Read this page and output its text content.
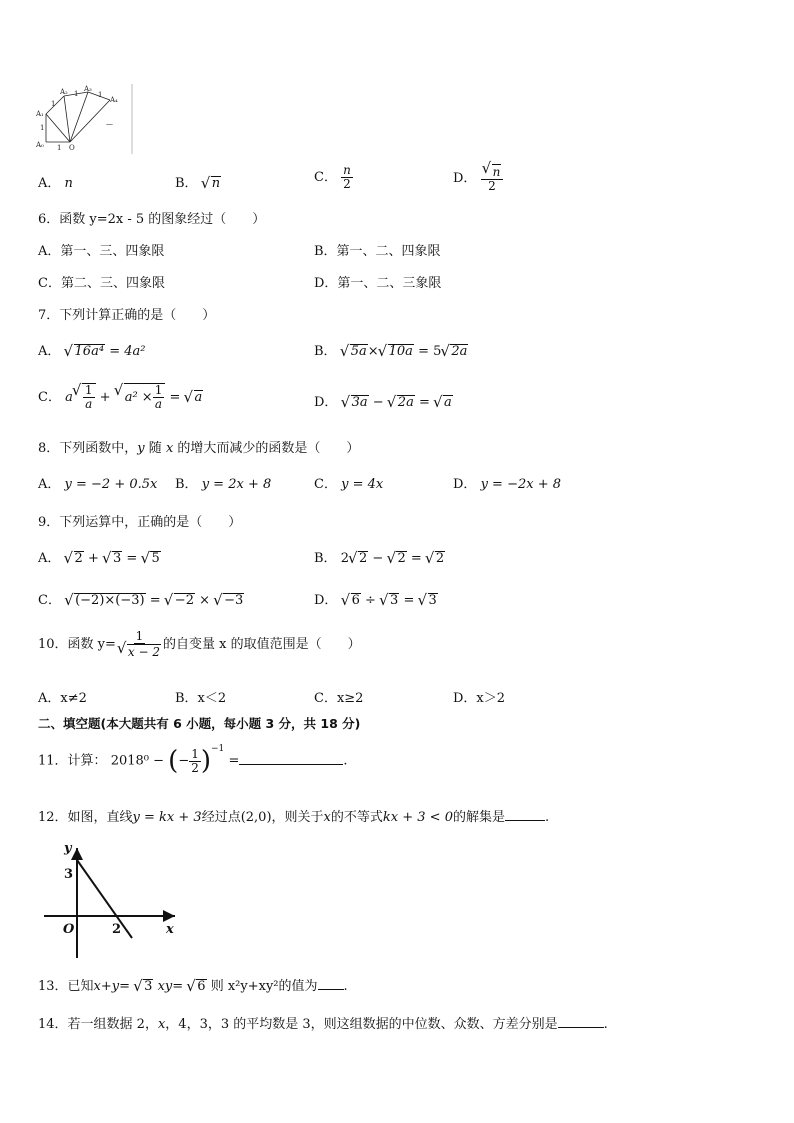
A₀
A₁
A₂ A₃
A₄
O
1
1
1
1	1
—
A． n	B． √ n	C． $\frac{n}{2}$	D． √ $\frac{n}{2}$
6．函数 y=2x - 5 的图象经过（　　）
A．第一、三、四象限	B．第一、二、四象限
C．第二、三、四象限	D．第一、二、三象限
7．下列计算正确的是（　　）
A． √ 16a⁴ = 4a²	B． √ 5a× √ 10a = 5 √ 2a
C． a √ $\frac{1}{a}$ + √ $a^2 \times \frac{1}{a}$ = √ a	D． √ 3a − √ 2a = √ a
8．下列函数中，y 随 x 的增大而减少的函数是（　　）
A． y = −2 + 0.5x B． y = 2x + 8	C． y = 4x	D． y = −2x + 8
9．下列运算中，正确的是（　　）
A． √ 2 + √ 3 = √ 5	B． 2 √ 2 − √ 2 = √ 2
C． √ (−2)×(−3) = √ −2 × √ −3	D． √ 6 ÷ √ 3 = √ 3
10．函数 y= 1
√ x − 2 的自变量 x 的取值范围是（　　）
A．x≠2	B．x＜2	C．x≥2	D．x＞2
二、填空题(本大题共有 6 小题，每小题 3 分，共 18 分)
11．计算： 2018⁰ − (− $\frac{1}{2} )^{-1}$ =	.
12．如图，直线y = kx + 3经过点(2,0)，则关于x的不等式kx + 3 < 0的解集是	.
y
x
O
3
2
13．已知x+y= √ 3 xy= √ 6 则 x²y+xy²的值为 .
14．若一组数据 2，x，4，3，3 的平均数是 3，则这组数据的中位数、众数、方差分别是	.
